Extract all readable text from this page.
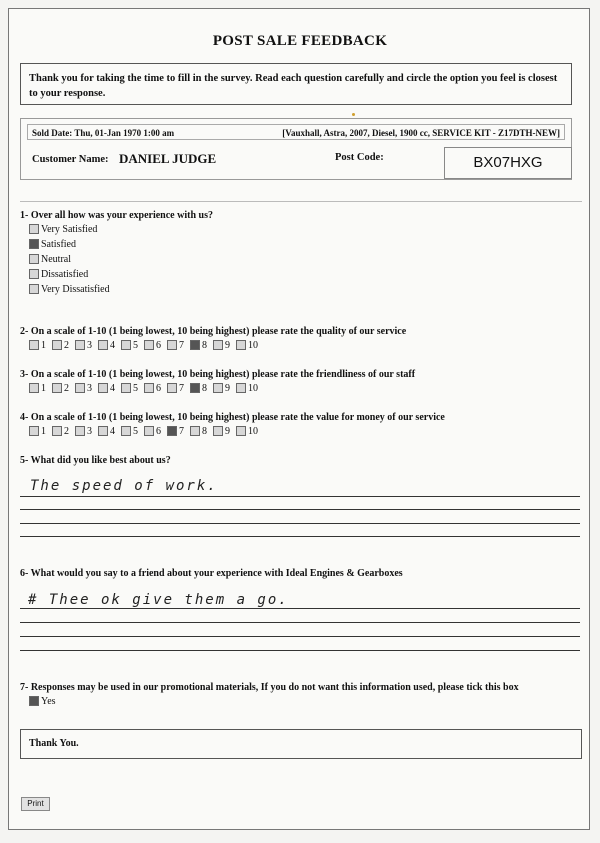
POST SALE FEEDBACK
Thank you for taking the time to fill in the survey. Read each question carefully and circle the option you feel is closest to your response.
Sold Date: Thu, 01-Jan 1970 1:00 am	[Vauxhall, Astra, 2007, Diesel, 1900 cc, SERVICE KIT - Z17DTH-NEW]
Customer Name: DANIEL JUDGE	Post Code:	BX07HXG
1- Over all how was your experience with us?
Very Satisfied
Satisfied
Neutral
Dissatisfied
Very Dissatisfied
2- On a scale of 1-10 (1 being lowest, 10 being highest) please rate the quality of our service
1 2 3 4 5 6 7 8 9 10
3- On a scale of 1-10 (1 being lowest, 10 being highest) please rate the friendliness of our staff
1 2 3 4 5 6 7 8 9 10
4- On a scale of 1-10 (1 being lowest, 10 being highest) please rate the value for money of our service
1 2 3 4 5 6 7 8 9 10
5- What did you like best about us?
The speed of work.
6- What would you say to a friend about your experience with Ideal Engines & Gearboxes
# Thee ok give them a go.
7- Responses may be used in our promotional materials, If you do not want this information used, please tick this box
Yes
Thank You.
Print
